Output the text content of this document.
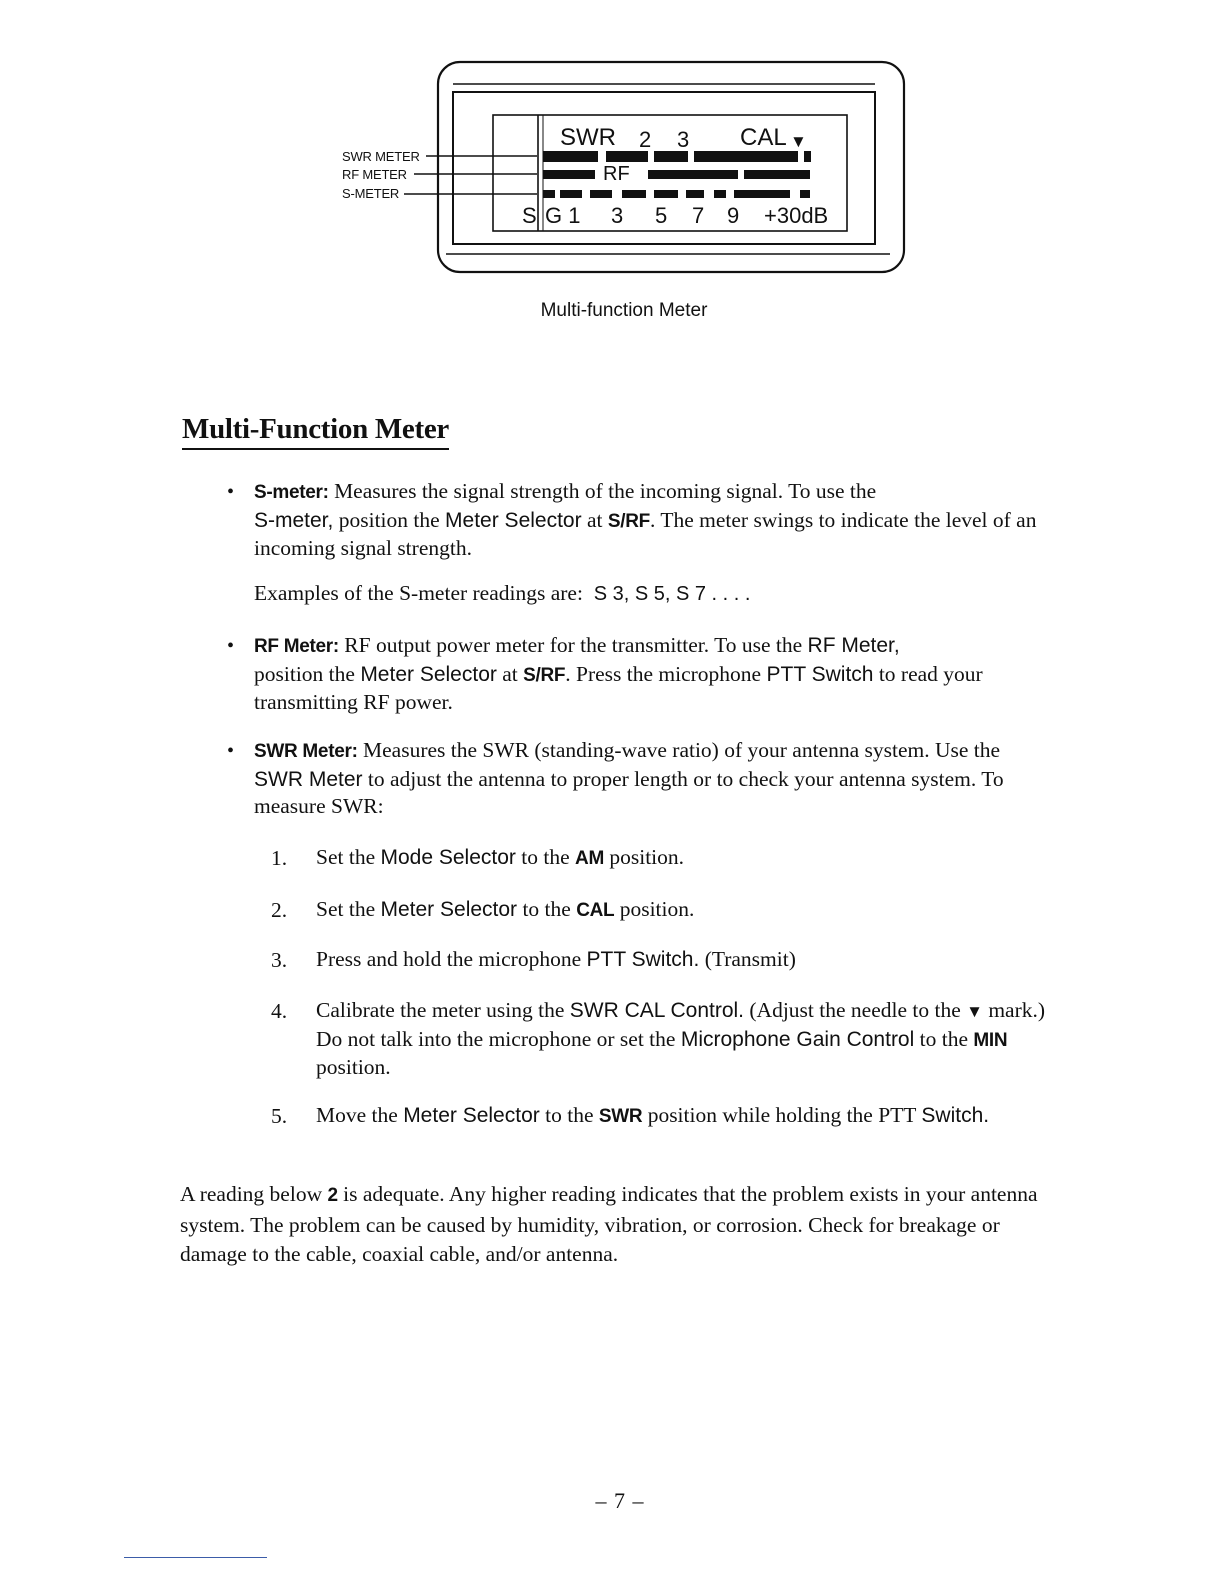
SWR METER
RF METER
S-METER
SWR 2 3 CAL ▼
RF
S G 1 3 5 7 9 +30dB
Multi-function Meter
Multi-Function Meter
• S-meter: Measures the signal strength of the incoming signal. To use the
S-meter, position the Meter Selector at S/RF. The meter swings to indicate the level of an incoming signal strength.

Examples of the S-meter readings are: S 3, S 5, S 7 . . . .

• RF Meter: RF output power meter for the transmitter. To use the RF Meter,
position the Meter Selector at S/RF. Press the microphone PTT Switch to read your transmitting RF power.

• SWR Meter: Measures the SWR (standing-wave ratio) of your antenna system. Use the SWR Meter to adjust the antenna to proper length or to check your antenna system. To measure SWR:

1. Set the Mode Selector to the AM position.

2. Set the Meter Selector to the CAL position.

3. Press and hold the microphone PTT Switch. (Transmit)

4. Calibrate the meter using the SWR CAL Control. (Adjust the needle to the ▼ mark.) Do not talk into the microphone or set the Microphone Gain Control to the MIN position.

5. Move the Meter Selector to the SWR position while holding the PTT Switch.

A reading below 2 is adequate. Any higher reading indicates that the problem exists in your antenna system. The problem can be caused by humidity, vibration, or corrosion. Check for breakage or damage to the cable, coaxial cable, and/or antenna.

– 7 –
